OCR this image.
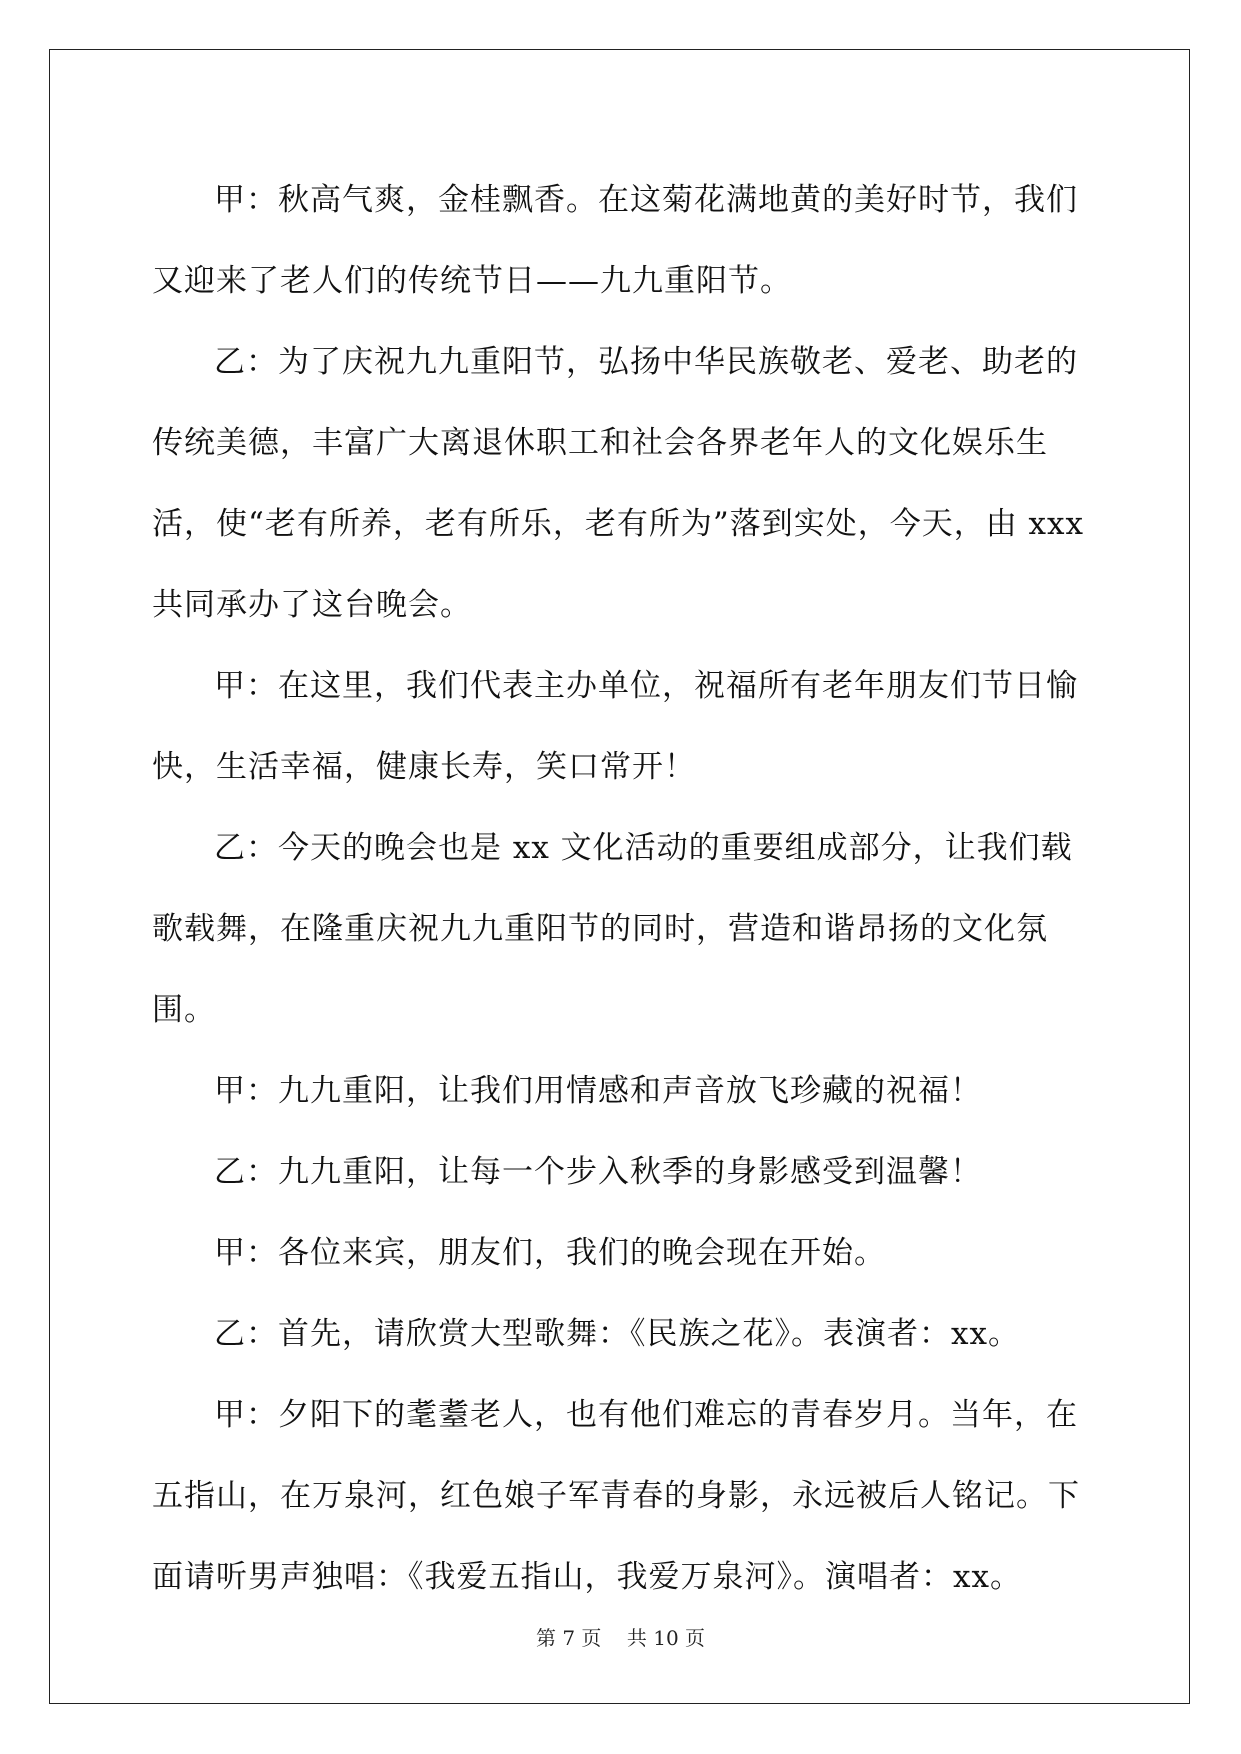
甲：秋高气爽，金桂飘香。在这菊花满地黄的美好时节，我们又迎来了老人们的传统节日——九九重阳节。

乙：为了庆祝九九重阳节，弘扬中华民族敬老、爱老、助老的传统美德，丰富广大离退休职工和社会各界老年人的文化娱乐生活，使“老有所养，老有所乐，老有所为”落到实处，今天，由 xxx 共同承办了这台晚会。

甲：在这里，我们代表主办单位，祝福所有老年朋友们节日愉快，生活幸福，健康长寿，笑口常开！

乙：今天的晚会也是 xx 文化活动的重要组成部分，让我们载歌载舞，在隆重庆祝九九重阳节的同时，营造和谐昂扬的文化氛围。

甲：九九重阳，让我们用情感和声音放飞珍藏的祝福！

乙：九九重阳，让每一个步入秋季的身影感受到温馨！

甲：各位来宾，朋友们，我们的晚会现在开始。

乙：首先，请欣赏大型歌舞：《民族之花》。表演者：xx。

甲：夕阳下的耄耋老人，也有他们难忘的青春岁月。当年，在五指山，在万泉河，红色娘子军青春的身影，永远被后人铭记。下面请听男声独唱：《我爱五指山，我爱万泉河》。演唱者：xx。

第 7 页 共 10 页
